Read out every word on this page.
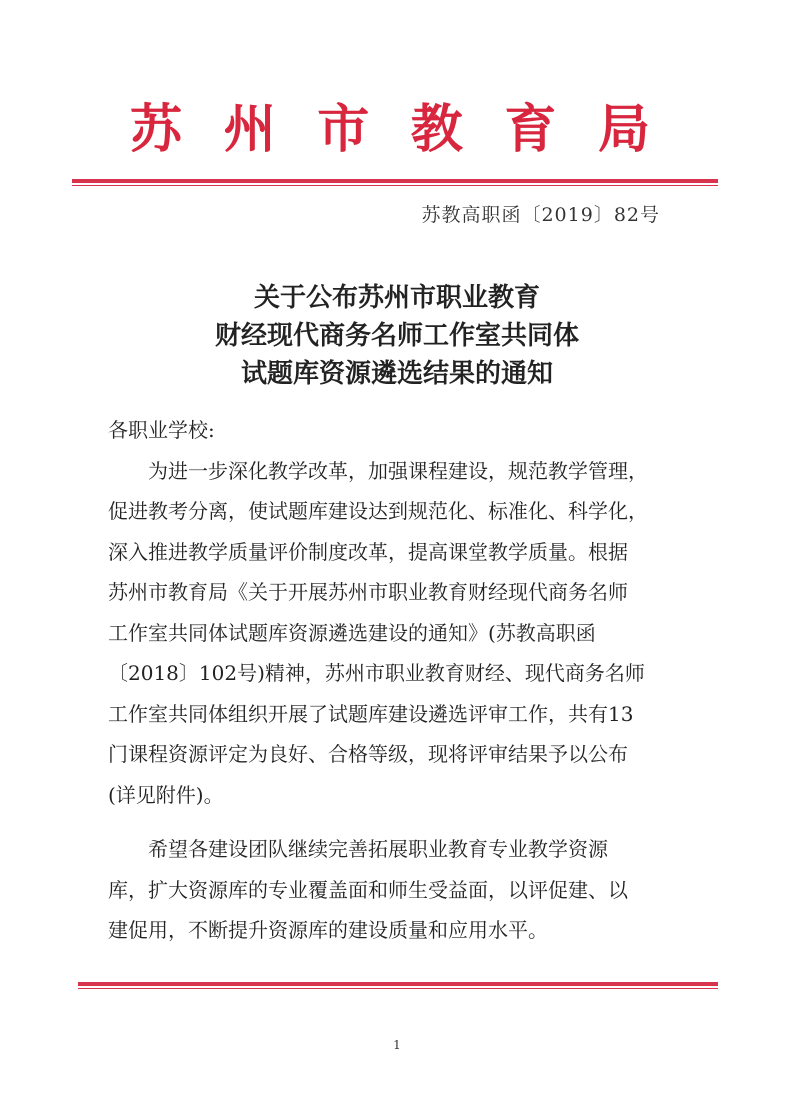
苏 州 市 教 育 局
苏教高职函〔2019〕82号
关于公布苏州市职业教育
财经现代商务名师工作室共同体
试题库资源遴选结果的通知
各职业学校:
为进一步深化教学改革，加强课程建设，规范教学管理，
促进教考分离，使试题库建设达到规范化、标准化、科学化，
深入推进教学质量评价制度改革，提高课堂教学质量。根据
苏州市教育局《关于开展苏州市职业教育财经现代商务名师
工作室共同体试题库资源遴选建设的通知》(苏教高职函
〔2018〕102号)精神，苏州市职业教育财经、现代商务名师
工作室共同体组织开展了试题库建设遴选评审工作，共有13
门课程资源评定为良好、合格等级，现将评审结果予以公布
(详见附件)。
希望各建设团队继续完善拓展职业教育专业教学资源
库，扩大资源库的专业覆盖面和师生受益面，以评促建、以
建促用，不断提升资源库的建设质量和应用水平。
1
